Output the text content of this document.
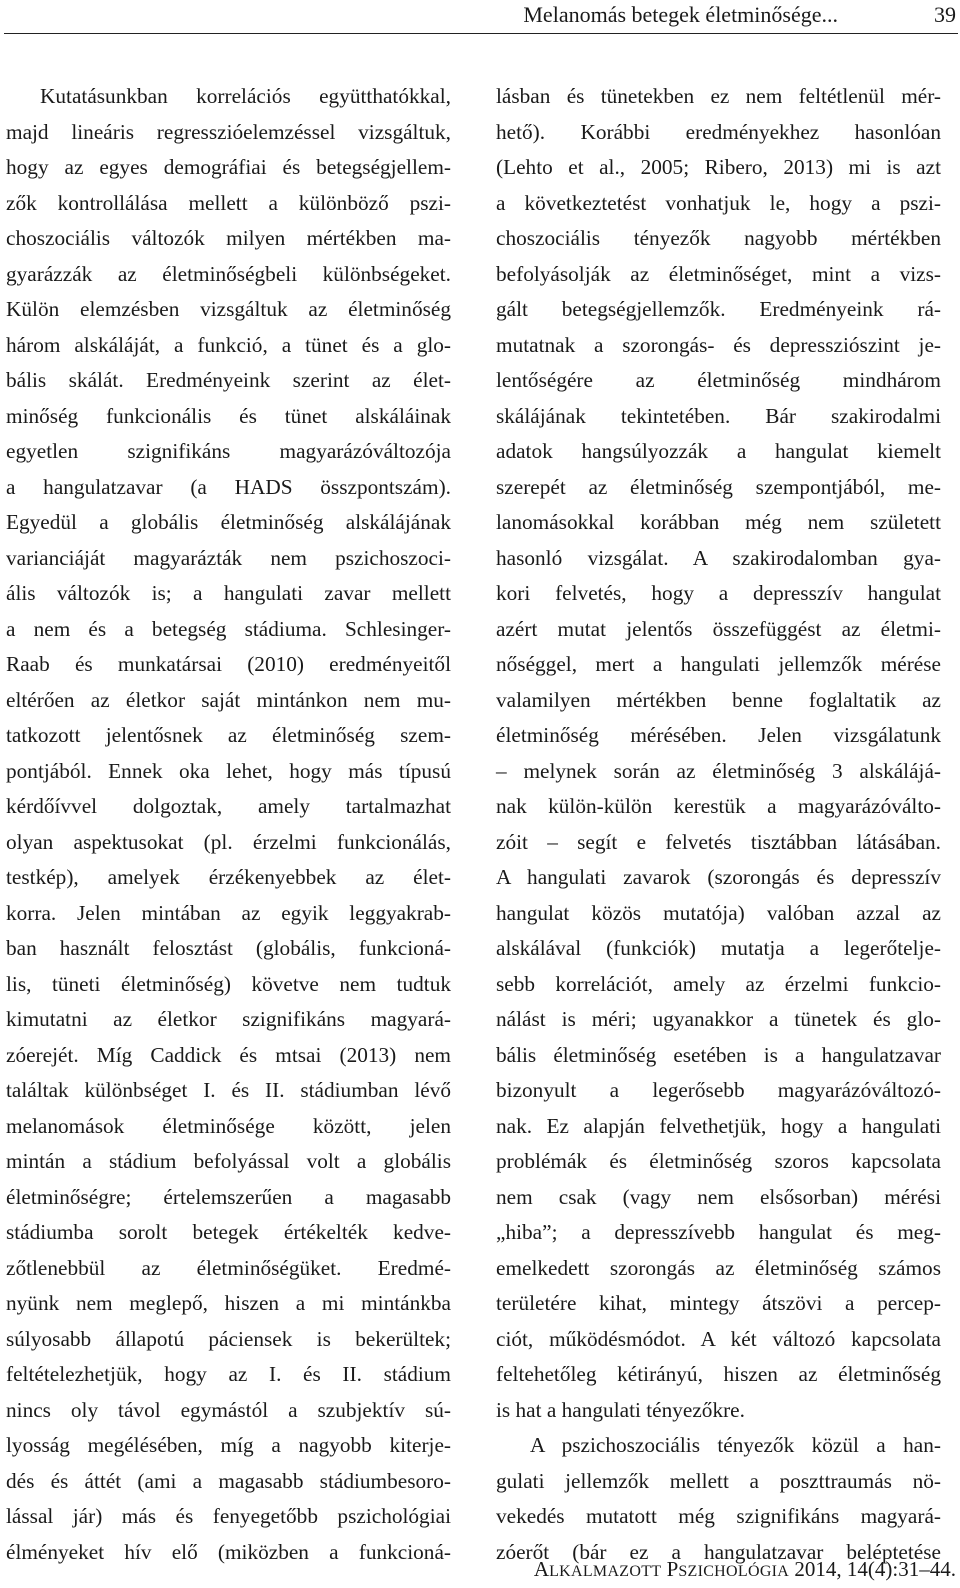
Melanomás betegek életminősége...	39
Kutatásunkban korrelációs együtthatókkal,
majd lineáris regresszióelemzéssel vizsgáltuk,
hogy az egyes demográfiai és betegségjellem-
zők kontrollálása mellett a különböző pszi-
choszociális változók milyen mértékben ma-
gyarázzák az életminőségbeli különbségeket.
Külön elemzésben vizsgáltuk az életminőség
három alskáláját, a funkció, a tünet és a glo-
bális skálát. Eredményeink szerint az élet-
minőség funkcionális és tünet alskáláinak
egyetlen szignifikáns magyarázóváltozója
a hangulatzavar (a HADS összpontszám).
Egyedül a globális életminőség alskálájának
varianciáját magyarázták nem pszichoszoci-
ális változók is; a hangulati zavar mellett
a nem és a betegség stádiuma. Schlesinger-
Raab és munkatársai (2010) eredményeitől
eltérően az életkor saját mintánkon nem mu-
tatkozott jelentősnek az életminőség szem-
pontjából. Ennek oka lehet, hogy más típusú
kérdőívvel dolgoztak, amely tartalmazhat
olyan aspektusokat (pl. érzelmi funkcionálás,
testkép), amelyek érzékenyebbek az élet-
korra. Jelen mintában az egyik leggyakrab-
ban használt felosztást (globális, funkcioná-
lis, tüneti életminőség) követve nem tudtuk
kimutatni az életkor szignifikáns magyará-
zóerejét. Míg Caddick és mtsai (2013) nem
találtak különbséget I. és II. stádiumban lévő
melanomások életminősége között, jelen
mintán a stádium befolyással volt a globális
életminőségre; értelemszerűen a magasabb
stádiumba sorolt betegek értékelték kedve-
zőtlenebbül az életminőségüket. Eredmé-
nyünk nem meglepő, hiszen a mi mintánkba
súlyosabb állapotú páciensek is bekerültek;
feltételezhetjük, hogy az I. és II. stádium
nincs oly távol egymástól a szubjektív sú-
lyosság megélésében, míg a nagyobb kiterje-
dés és áttét (ami a magasabb stádiumbesoro-
lással jár) más és fenyegetőbb pszichológiai
élményeket hív elő (miközben a funkcioná-
lásban és tünetekben ez nem feltétlenül mér-
hető). Korábbi eredményekhez hasonlóan
(Lehto et al., 2005; Ribero, 2013) mi is azt
a következtetést vonhatjuk le, hogy a pszi-
choszociális tényezők nagyobb mértékben
befolyásolják az életminőséget, mint a vizs-
gált betegségjellemzők. Eredményeink rá-
mutatnak a szorongás- és depressziószint je-
lentőségére az életminőség mindhárom
skálájának tekintetében. Bár szakirodalmi
adatok hangsúlyozzák a hangulat kiemelt
szerepét az életminőség szempontjából, me-
lanomásokkal korábban még nem született
hasonló vizsgálat. A szakirodalomban gya-
kori felvetés, hogy a depresszív hangulat
azért mutat jelentős összefüggést az életmi-
nőséggel, mert a hangulati jellemzők mérése
valamilyen mértékben benne foglaltatik az
életminőség mérésében. Jelen vizsgálatunk
– melynek során az életminőség 3 alskálájá-
nak külön-külön kerestük a magyarázóválto-
zóit – segít e felvetés tisztábban látásában.
A hangulati zavarok (szorongás és depresszív
hangulat közös mutatója) valóban azzal az
alskálával (funkciók) mutatja a legerőtelje-
sebb korrelációt, amely az érzelmi funkcio-
nálást is méri; ugyanakkor a tünetek és glo-
bális életminőség esetében is a hangulatzavar
bizonyult a legerősebb magyarázóváltozó-
nak. Ez alapján felvethetjük, hogy a hangulati
problémák és életminőség szoros kapcsolata
nem csak (vagy nem elsősorban) mérési
„hiba”; a depresszívebb hangulat és meg-
emelkedett szorongás az életminőség számos
területére kihat, mintegy átszövi a percep-
ciót, működésmódot. A két változó kapcsolata
feltehetőleg kétirányú, hiszen az életminőség
is hat a hangulati tényezőkre.
A pszichoszociális tényezők közül a han-
gulati jellemzők mellett a poszttraumás nö-
vekedés mutatott még szignifikáns magyará-
zóerőt (bár ez a hangulatzavar beléptetése
ALKALMAZOTT PSZICHOLÓGIA 2014, 14(4):31–44.
